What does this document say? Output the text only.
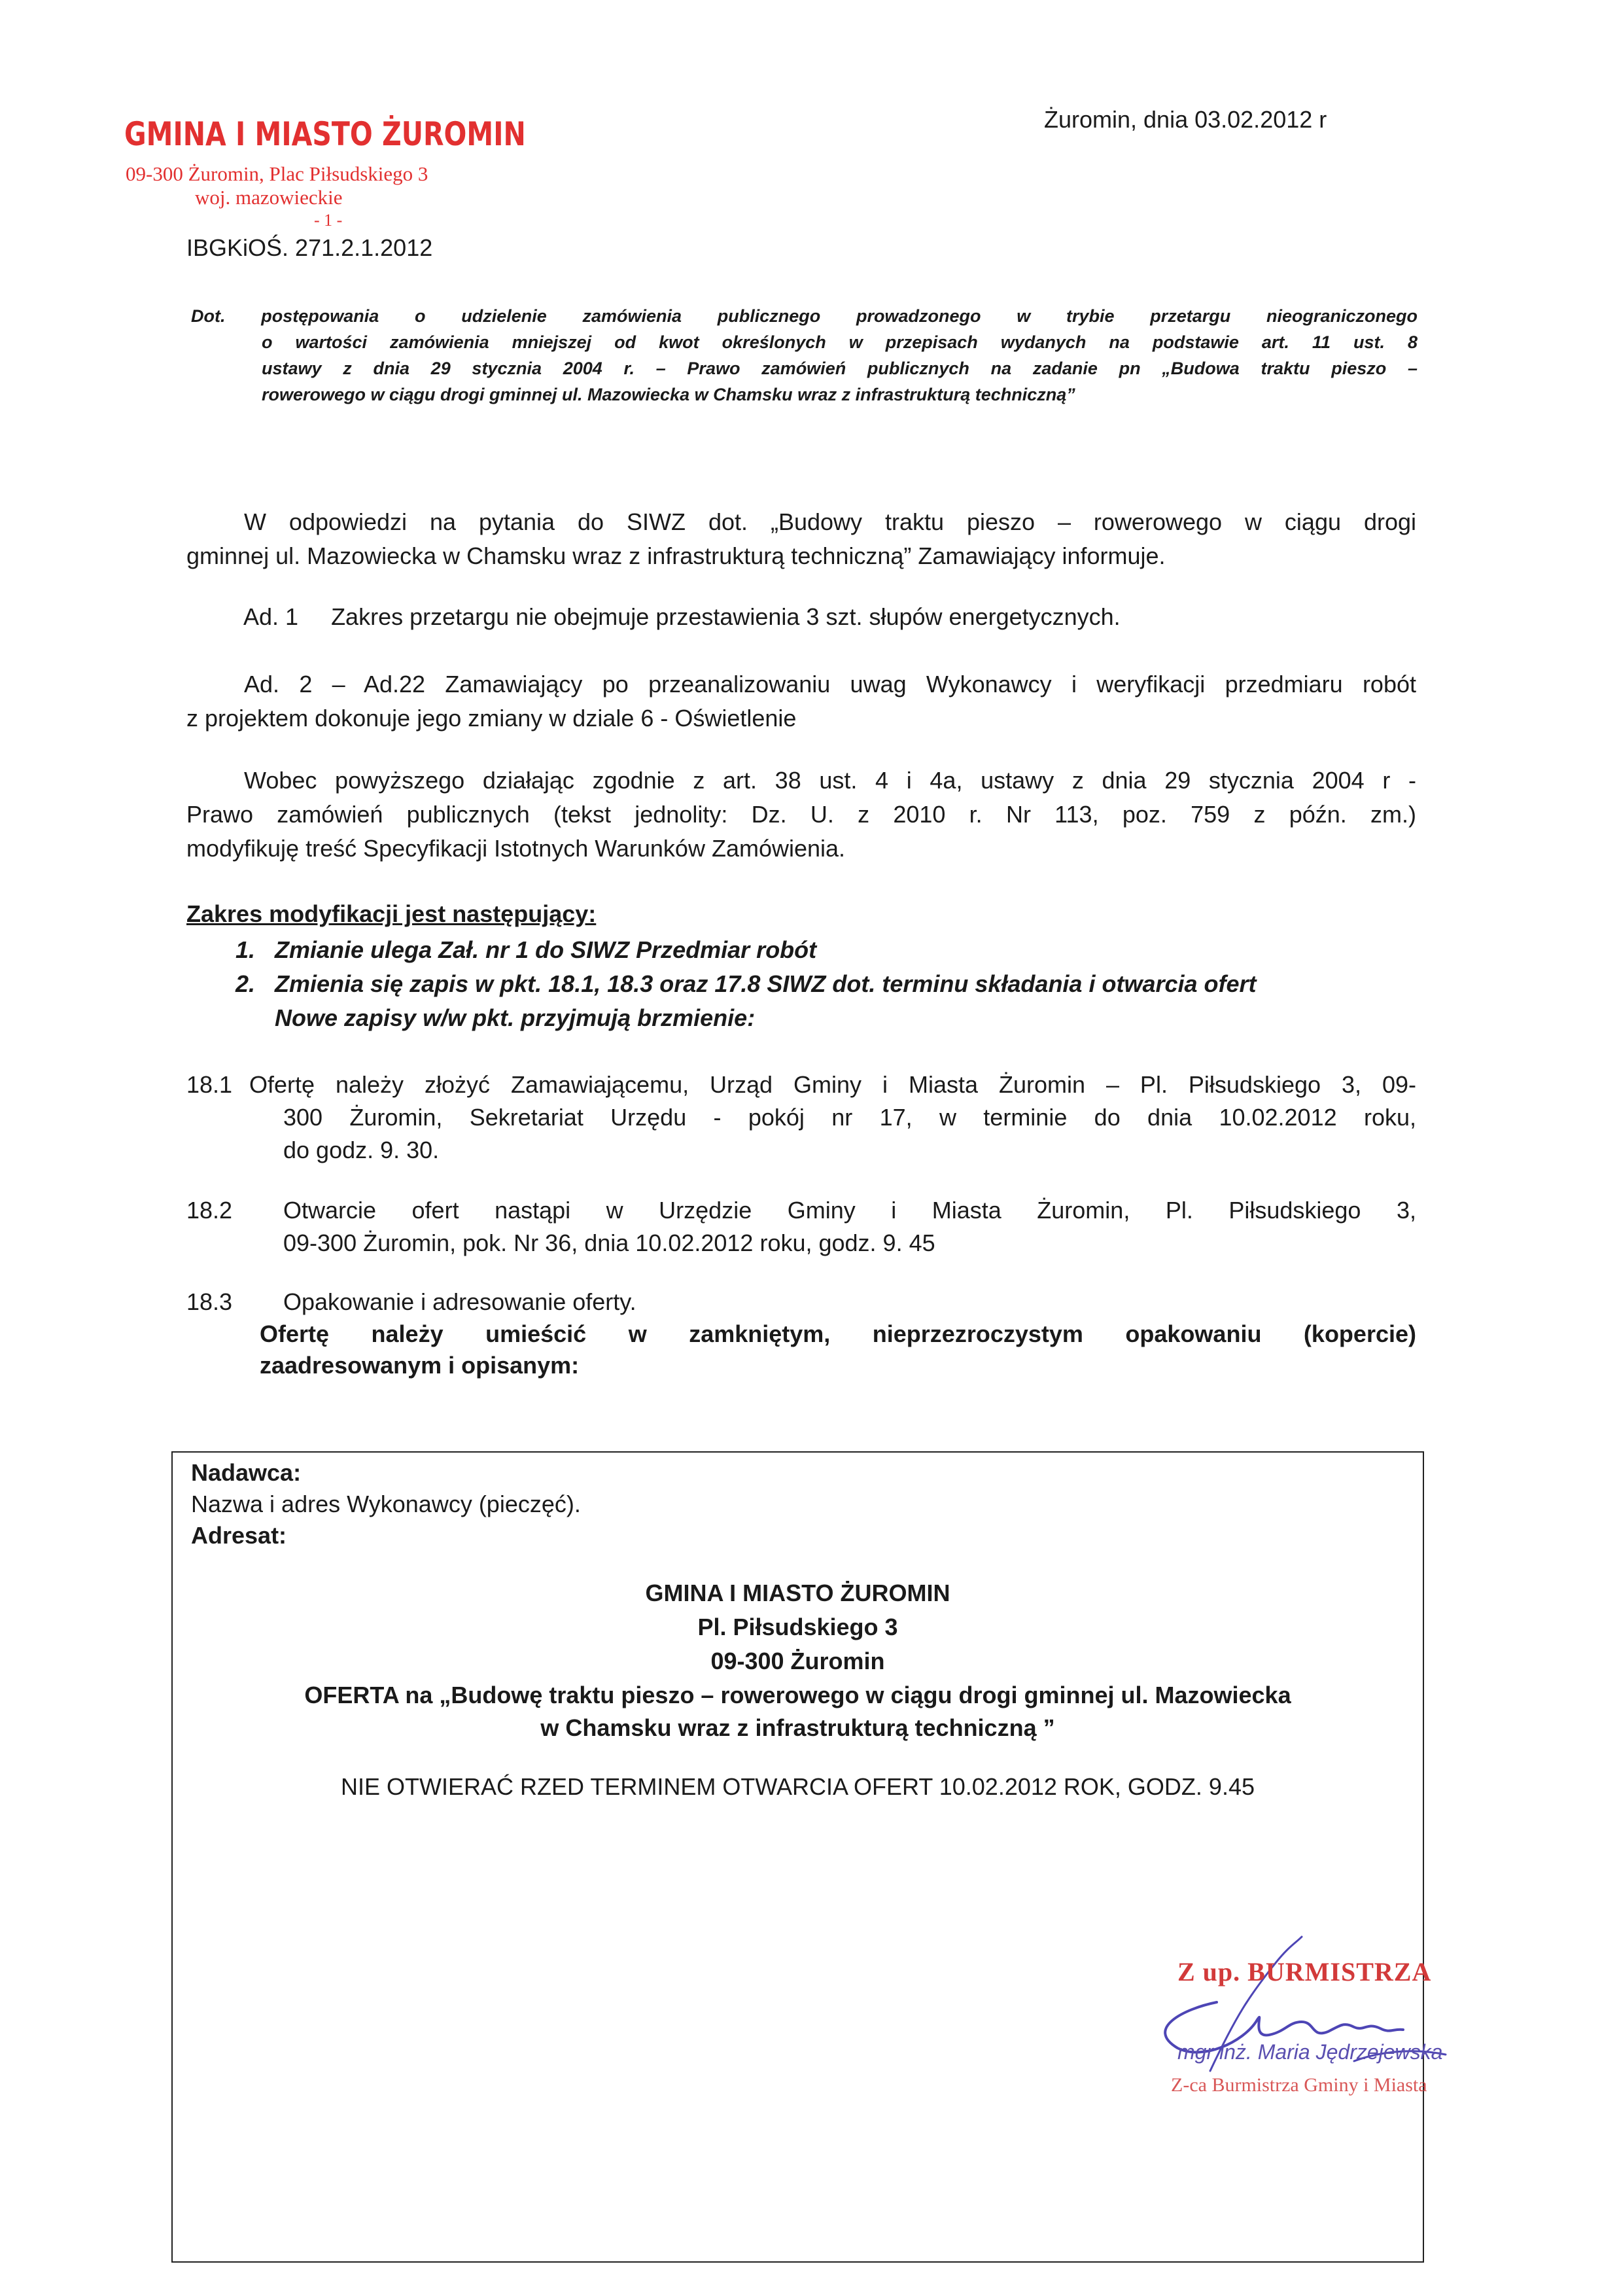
GMINA I MIASTO ŻUROMIN
09-300 Żuromin, Plac Piłsudskiego 3
woj. mazowieckie
- 1 -
Żuromin, dnia 03.02.2012 r
IBGKiOŚ. 271.2.1.2012
Dot. postępowania o udzielenie zamówienia publicznego prowadzonego w trybie przetargu nieograniczonego
o wartości zamówienia mniejszej od kwot określonych w przepisach wydanych na podstawie art. 11 ust. 8
ustawy z dnia 29 stycznia 2004 r. – Prawo zamówień publicznych na zadanie pn „Budowa traktu pieszo –
rowerowego w ciągu drogi gminnej ul. Mazowiecka w Chamsku wraz z infrastrukturą techniczną”
W odpowiedzi na pytania do SIWZ dot. „Budowy traktu pieszo – rowerowego w ciągu drogi
gminnej ul. Mazowiecka w Chamsku wraz z infrastrukturą techniczną” Zamawiający informuje.
Ad. 1     Zakres przetargu nie obejmuje przestawienia 3 szt. słupów energetycznych.
Ad. 2 – Ad.22 Zamawiający po przeanalizowaniu uwag Wykonawcy i weryfikacji przedmiaru robót
z projektem dokonuje jego zmiany w dziale 6 - Oświetlenie
Wobec powyższego działając zgodnie z art. 38 ust. 4 i 4a, ustawy z dnia 29 stycznia 2004 r -
Prawo zamówień publicznych (tekst jednolity: Dz. U. z 2010 r. Nr 113, poz. 759 z późn. zm.)
modyfikuję treść Specyfikacji Istotnych Warunków Zamówienia.
Zakres modyfikacji jest następujący:
1.   Zmianie ulega Zał. nr 1 do SIWZ Przedmiar robót
2.   Zmienia się zapis w pkt. 18.1, 18.3 oraz 17.8 SIWZ dot. terminu składania i otwarcia ofert
Nowe zapisy w/w pkt. przyjmują brzmienie:
18.1 Ofertę należy złożyć Zamawiającemu, Urząd Gminy i Miasta Żuromin – Pl. Piłsudskiego 3, 09-
300 Żuromin, Sekretariat Urzędu - pokój nr 17, w terminie do dnia 10.02.2012 roku,
do godz. 9. 30.
18.2	Otwarcie ofert nastąpi w Urzędzie Gminy i Miasta Żuromin, Pl. Piłsudskiego 3,
09-300 Żuromin, pok. Nr 36, dnia 10.02.2012 roku, godz. 9. 45
18.3	Opakowanie i adresowanie oferty.
Ofertę należy umieścić w zamkniętym, nieprzezroczystym opakowaniu (kopercie)
zaadresowanym i opisanym:
Nadawca:
Nazwa i adres Wykonawcy (pieczęć).
Adresat:
GMINA I MIASTO ŻUROMIN
Pl. Piłsudskiego 3
09-300 Żuromin
OFERTA na „Budowę traktu pieszo – rowerowego w ciągu drogi gminnej ul. Mazowiecka
w Chamsku wraz z infrastrukturą techniczną ”
NIE OTWIERAĆ RZED TERMINEM OTWARCIA OFERT 10.02.2012 ROK, GODZ. 9.45
Z up. BURMISTRZA
mgr inż. Maria Jędrzejewska
Z-ca Burmistrza Gminy i Miasta
